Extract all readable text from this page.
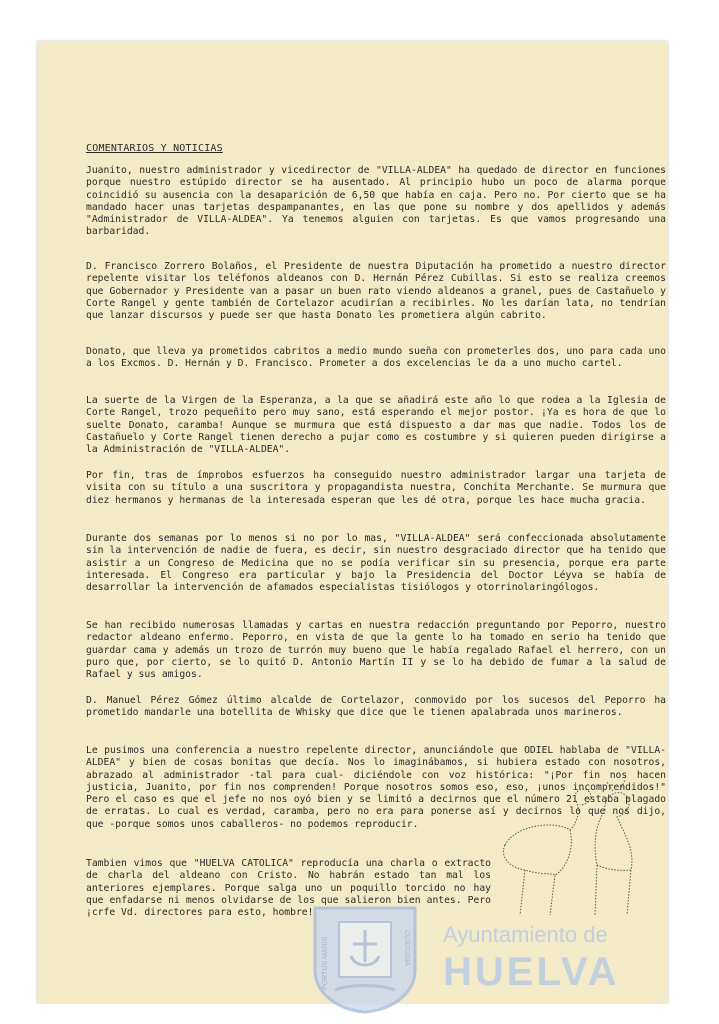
COMENTARIOS Y NOTICIAS
Juanito, nuestro administrador y vicedirector de "VILLA-ALDEA" ha quedado de director en funciones porque nuestro estúpido director se ha ausentado. Al principio hubo un poco de alarma porque coincidió su ausencia con la desaparición de 6,50 que había en caja. Pero no. Por cierto que se ha mandado hacer unas tarjetas despampanantes, en las que pone su nombre y dos apellidos y además "Administrador de VILLA-ALDEA". Ya tenemos alguien con tarjetas. Es que vamos progresando una barbaridad.
D. Francisco Zorrero Bolaños, el Presidente de nuestra Diputación ha prometido a nuestro director repelente visitar los teléfonos aldeanos con D. Hernán Pérez Cubillas. Si esto se realiza creemos que Gobernador y Presidente van a pasar un buen rato viendo aldeanos a granel, pues de Castañuelo y Corte Rangel y gente también de Cortelazor acudirían a recibirles. No les darían lata, no tendrían que lanzar discursos y puede ser que hasta Donato les prometiera algún cabrito.
Donato, que lleva ya prometidos cabritos a medio mundo sueña con prometerles dos, uno para cada uno a los Excmos. D. Hernán y D. Francisco. Prometer a dos excelencias le da a uno mucho cartel.
La suerte de la Virgen de la Esperanza, a la que se añadirá este año lo que rodea a la Iglesia de Corte Rangel, trozo pequeñito pero muy sano, está esperando el mejor postor. ¡Ya es hora de que lo suelte Donato, caramba! Aunque se murmura que está dispuesto a dar mas que nadie. Todos los de Castañuelo y Corte Rangel tienen derecho a pujar como es costumbre y si quieren pueden dirigirse a la Administración de "VILLA-ALDEA".
Por fin, tras de ímprobos esfuerzos ha conseguido nuestro administrador largar una tarjeta de visita con su título a una suscritora y propagandista nuestra, Conchita Merchante. Se murmura que diez hermanos y hermanas de la interesada esperan que les dé otra, porque les hace mucha gracia.
Durante dos semanas por lo menos si no por lo mas, "VILLA-ALDEA" será confeccionada absolutamente sin la intervención de nadie de fuera, es decir, sin nuestro desgraciado director que ha tenido que asistir a un Congreso de Medicina que no se podía verificar sin su presencia, porque era parte interesada. El Congreso era particular y bajo la Presidencia del Doctor Léyva se había de desarrollar la intervención de afamados especialistas tisiólogos y otorrinolaringólogos.
Se han recibido numerosas llamadas y cartas en nuestra redacción preguntando por Peporro, nuestro redactor aldeano enfermo. Peporro, en vista de que la gente lo ha tomado en serio ha tenido que guardar cama y además un trozo de turrón muy bueno que le había regalado Rafael el herrero, con un puro que, por cierto, se lo quitó D. Antonio Martín II y se lo ha debido de fumar a la salud de Rafael y sus amigos.
D. Manuel Pérez Gómez último alcalde de Cortelazor, conmovido por los sucesos del Peporro ha prometido mandarle una botellita de Whisky que dice que le tienen apalabrada unos marineros.
Le pusimos una conferencia a nuestro repelente director, anunciándole que ODIEL hablaba de "VILLA-ALDEA" y bien de cosas bonitas que decía. Nos lo imaginábamos, si hubiera estado con nosotros, abrazado al administrador -tal para cual- diciéndole con voz histórica: "¡Por fin nos hacen justicia, Juanito, por fin nos comprenden! Porque nosotros somos eso, eso, ¡unos incomprendidos!" Pero el caso es que el jefe no nos oyó bien y se limitó a decirnos que el número 21 estaba plagado de erratas. Lo cual es verdad, caramba, pero no era para ponerse así y decirnos lo que nos dijo, que -porque somos unos caballeros- no podemos reproducir.
Tambien vimos que "HUELVA CATOLICA" reproducía una charla o extracto de charla del aldeano con Cristo. No habrán estado tan mal los anteriores ejemplares. Porque salga uno un poquillo torcido no hay que enfadarse ni menos olvidarse de los que salieron bien antes. Pero ¡crfe Vd. directores para esto, hombre!
PORTUS MARIS	CUSTODIA Ayuntamiento de
HUELVA
